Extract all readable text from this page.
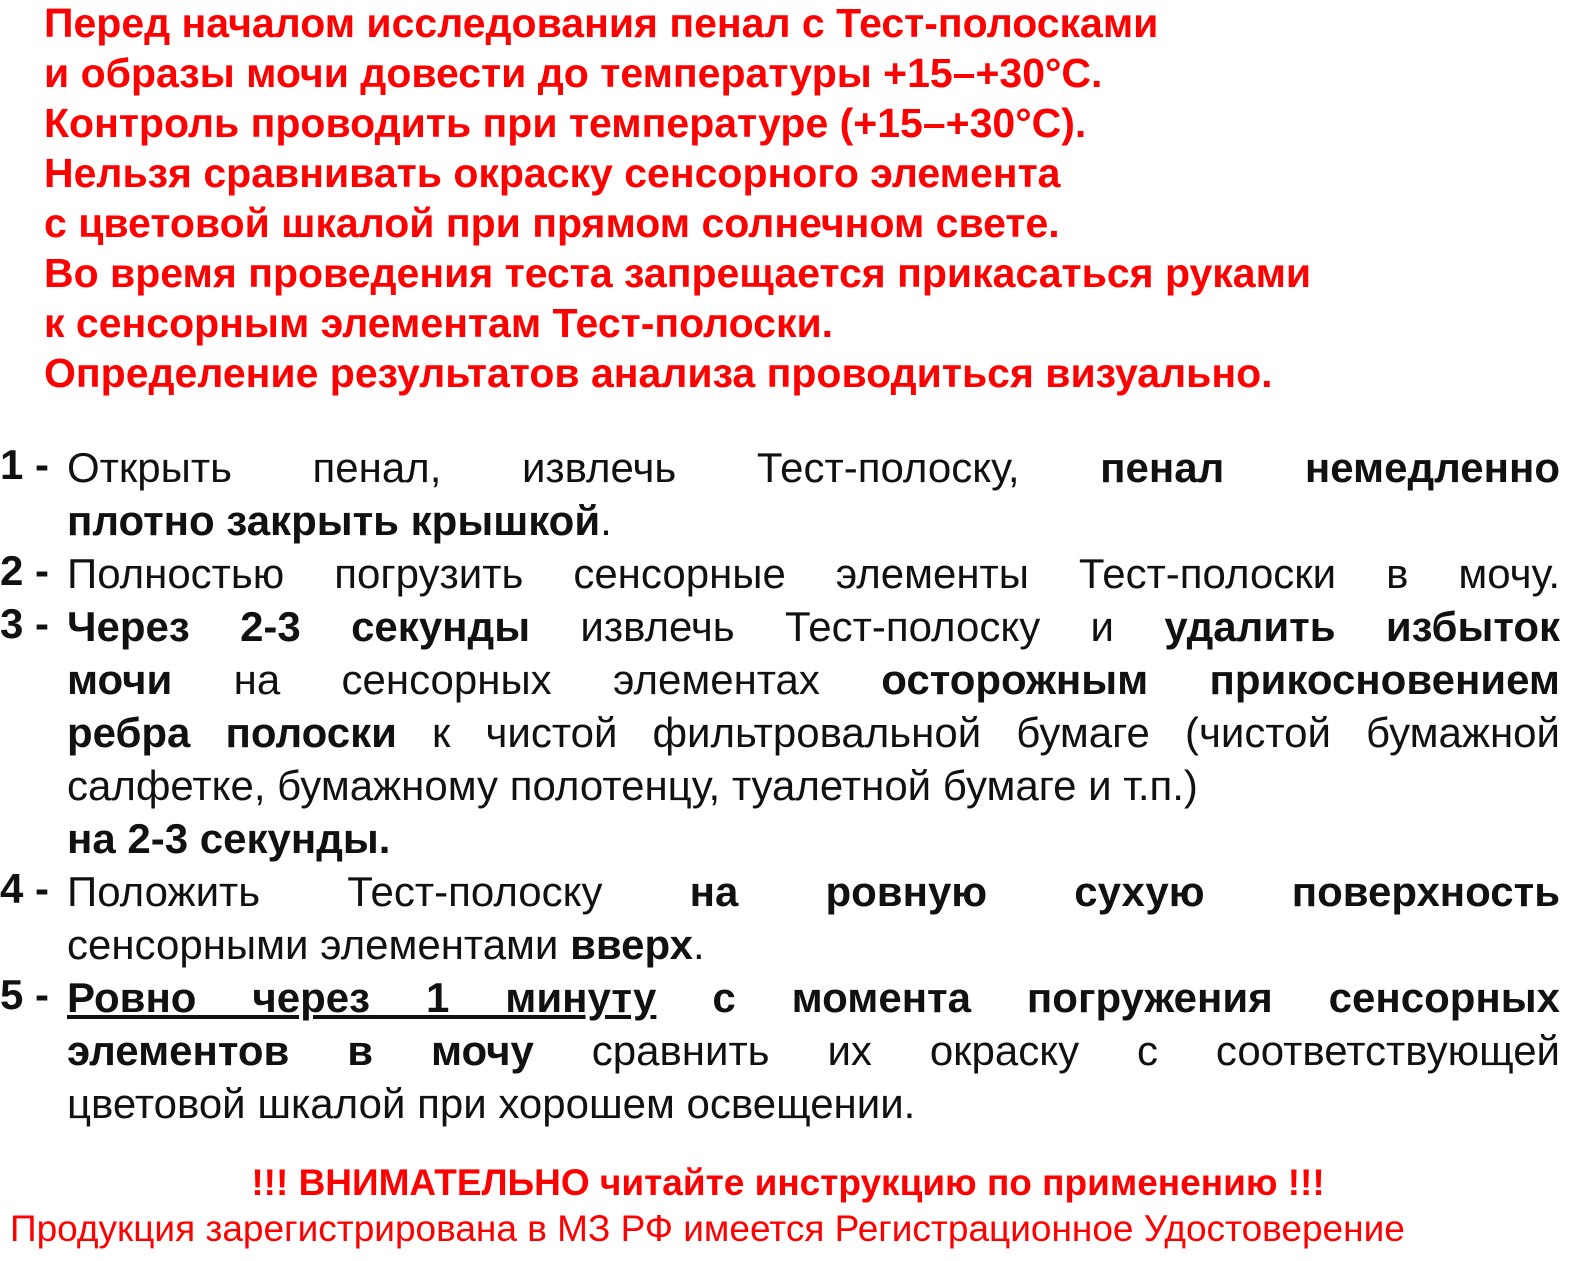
Перед началом исследования пенал с Тест-полосками
и образы мочи довести до температуры +15–+30°С.
Контроль проводить при температуре (+15–+30°С).
Нельзя сравнивать окраску сенсорного элемента
с цветовой шкалой при прямом солнечном свете.
Во время проведения теста запрещается прикасаться руками
к сенсорным элементам Тест-полоски.
Определение результатов анализа проводиться визуально.
1 - Открыть пенал, извлечь Тест-полоску, пенал немедленно
плотно закрыть крышкой.
2 - Полностью погрузить сенсорные элементы Тест-полоски в мочу.
3 - Через 2-3 секунды извлечь Тест-полоску и удалить избыток
мочи на сенсорных элементах осторожным прикосновением
ребра полоски к чистой фильтровальной бумаге (чистой бумажной
салфетке, бумажному полотенцу, туалетной бумаге и т.п.)
на 2-3 секунды.
4 - Положить Тест-полоску на ровную сухую поверхность
сенсорными элементами вверх.
5 - Ровно через 1 минуту с момента погружения сенсорных
элементов в мочу сравнить их окраску с соответствующей
цветовой шкалой при хорошем освещении.
!!! ВНИМАТЕЛЬНО читайте инструкцию по применению !!!
Продукция зарегистрирована в МЗ РФ имеется Регистрационное Удостоверение
